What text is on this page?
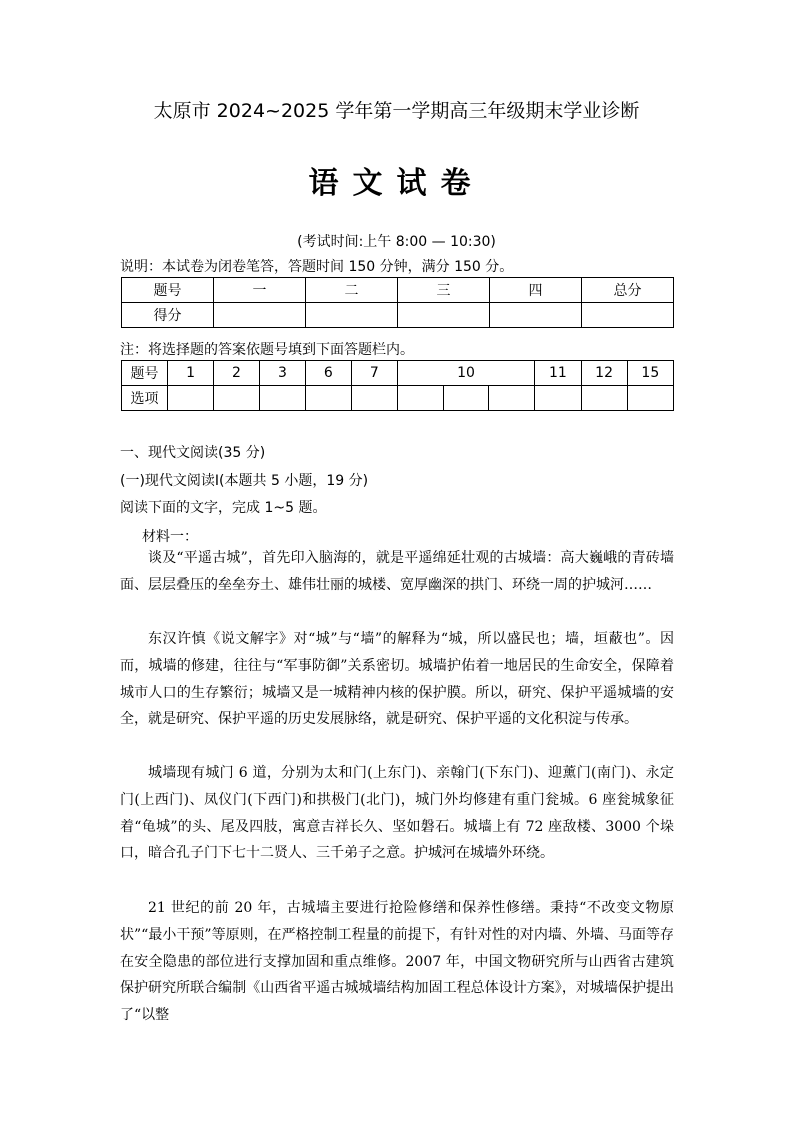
太原市 2024~2025 学年第一学期高三年级期末学业诊断
语文试卷
(考试时间:上午 8:00 — 10:30)
说明：本试卷为闭卷笔答，答题时间 150 分钟，满分 150 分。
题号	一	二	三	四	总分
得分					
注：将选择题的答案依题号填到下面答题栏内。
题号	1	2	3	6	7	10			11	12	15
选项											
一、现代文阅读(35 分)
(一)现代文阅读Ⅰ(本题共 5 小题，19 分)
阅读下面的文字，完成 1~5 题。
材料一：
谈及“平遥古城”，首先印入脑海的，就是平遥绵延壮观的古城墙：高大巍峨的青砖墙面、层层叠压的垒垒夯土、雄伟壮丽的城楼、宽厚幽深的拱门、环绕一周的护城河……
东汉许慎《说文解字》对“城”与“墙”的解释为“城，所以盛民也；墙，垣蔽也”。因而，城墙的修建，往往与“军事防御”关系密切。城墙护佑着一地居民的生命安全，保障着城市人口的生存繁衍；城墙又是一城精神内核的保护膜。所以，研究、保护平遥城墙的安全，就是研究、保护平遥的历史发展脉络，就是研究、保护平遥的文化积淀与传承。
城墙现有城门 6 道，分别为太和门(上东门)、亲翰门(下东门)、迎薰门(南门)、永定门(上西门)、凤仪门(下西门)和拱极门(北门)，城门外均修建有重门瓮城。6 座瓮城象征着“龟城”的头、尾及四肢，寓意吉祥长久、坚如磐石。城墙上有 72 座敌楼、3000 个垛口，暗合孔子门下七十二贤人、三千弟子之意。护城河在城墙外环绕。
21 世纪的前 20 年，古城墙主要进行抢险修缮和保养性修缮。秉持“不改变文物原状”“最小干预”等原则，在严格控制工程量的前提下，有针对性的对内墙、外墙、马面等存在安全隐患的部位进行支撑加固和重点维修。2007 年，中国文物研究所与山西省古建筑保护研究所联合编制《山西省平遥古城城墙结构加固工程总体设计方案》，对城墙保护提出了“以整
